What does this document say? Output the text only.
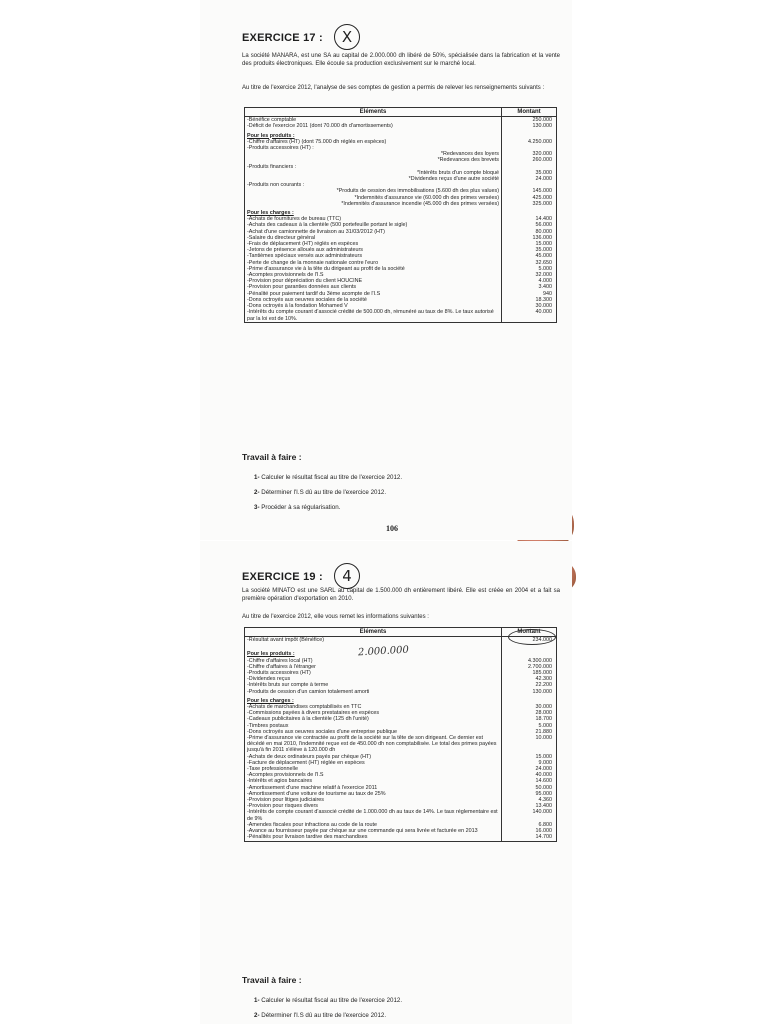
EXERCICE 17 :	X
La société MANARA, est une SA au capital de 2.000.000 dh libéré de 50%, spécialisée dans la fabrication et la vente des produits électroniques. Elle écoule sa production exclusivement sur le marché local.
Au titre de l'exercice 2012, l'analyse de ses comptes de gestion a permis de relever les renseignements suivants :
Eléments	Montant
-Bénéfice comptable	250.000
-Déficit de l'exercice 2011 (dont 70.000 dh d'amortissements)	130.000
Pour les produits :	
-Chiffre d'affaires (HT) (dont 75.000 dh réglés en espèces)	4.250.000
-Produits accessoires (HT) :	
*Redevances des loyers	320.000
*Redevances des brevets	260.000
-Produits financiers :	
*Intérêts bruts d'un compte bloqué	35.000
*Dividendes reçus d'une autre société	24.000
-Produits non courants :	
*Produits de cession des immobilisations (5.600 dh des plus values)	145.000
*Indemnités d'assurance vie (60.000 dh des primes versées)	425.000
*Indemnités d'assurance incendie (45.000 dh des primes versées)	325.000
Pour les charges :	
-Achats de fournitures de bureau (TTC)	14.400
-Achats des cadeaux à la clientèle (500 portefeuille portant le sigle)	56.000
-Achat d'une camionnette de livraison au 31/03/2012 (HT)	80.000
-Salaire du directeur général	136.000
-Frais de déplacement (HT) réglés en espèces	15.000
-Jetons de présence alloués aux administrateurs	35.000
-Tantièmes spéciaux versés aux administrateurs	45.000
-Perte de change de la monnaie nationale contre l'euro	32.650
-Prime d'assurance vie à la tête du dirigeant au profit de la société	5.000
-Acomptes provisionnels de l'I.S	32.000
-Provision pour dépréciation du client HOUCINE	4.000
-Provision pour garanties données aux clients	3.400
-Pénalité pour paiement tardif du 3ème acompte de l'I.S	940
-Dons octroyés aux oeuvres sociales de la société	18.300
-Dons octroyés à la fondation Mohamed V	30.000
-Intérêts du compte courant d'associé crédité de 500.000 dh, rémunéré au taux de 8%. Le taux autorisé par la loi est de 10%.	40.000
Travail à faire :
1- Calculer le résultat fiscal au titre de l'exercice 2012.
2- Déterminer l'I.S dû au titre de l'exercice 2012.
3- Procéder à sa régularisation.
106
EXERCICE 19 :	4
La société MINATO est une SARL au capital de 1.500.000 dh entièrement libéré. Elle est créée en 2004 et a fait sa première opération d'exportation en 2010.
Au titre de l'exercice 2012, elle vous remet les informations suivantes :
Eléments	Montant
-Résultat avant impôt (Bénéfice)	234.000

Pour les produits :	
-Chiffre d'affaires local (HT)	4.300.000
-Chiffre d'affaires à l'étranger	2.700.000
-Produits accessoires (HT)	185.000
-Dividendes reçus	42.300
-Intérêts bruts sur compte à terme	22.200
-Produits de cession d'un camion totalement amorti	130.000
Pour les charges :	
-Achats de marchandises comptabilisés en TTC	30.000
-Commissions payées à divers prestataires en espèces	28.000
-Cadeaux publicitaires à la clientèle (125 dh l'unité)	18.700
-Timbres postaux	5.000
-Dons octroyés aux oeuvres sociales d'une entreprise publique	21.880
-Prime d'assurance vie contractée au profit de la société sur la tête de son dirigeant. Ce dernier est décédé en mai 2010, l'indemnité reçue est de 450.000 dh non comptabilisée. Le total des primes payées jusqu'à fin 2011 s'élève à 120.000 dh	10.000
-Achats de deux ordinateurs payés par chèque (HT)	15.000
-Facture de déplacement (HT) réglée en espèces	9.000
-Taxe professionnelle	24.000
-Acomptes provisionnels de l'I.S	40.000
-Intérêts et agios bancaires	14.600
-Amortissement d'une machine relatif à l'exercice 2011	50.000
-Amortissement d'une voiture de tourisme au taux de 25%	95.000
-Provision pour litiges judiciaires	4.360
-Provision pour risques divers	13.400
-Intérêts de compte courant d'associé crédité de 1.000.000 dh au taux de 14%. Le taux réglementaire est de 9%	140.000
-Amendes fiscales pour infractions au code de la route	6.800
-Avance au fournisseur payée par chèque sur une commande qui sera livrée et facturée en 2013	16.000
-Pénalités pour livraison tardive des marchandises	14.700
2.000.000
Travail à faire :
1- Calculer le résultat fiscal au titre de l'exercice 2012.
2- Déterminer l'I.S dû au titre de l'exercice 2012.
